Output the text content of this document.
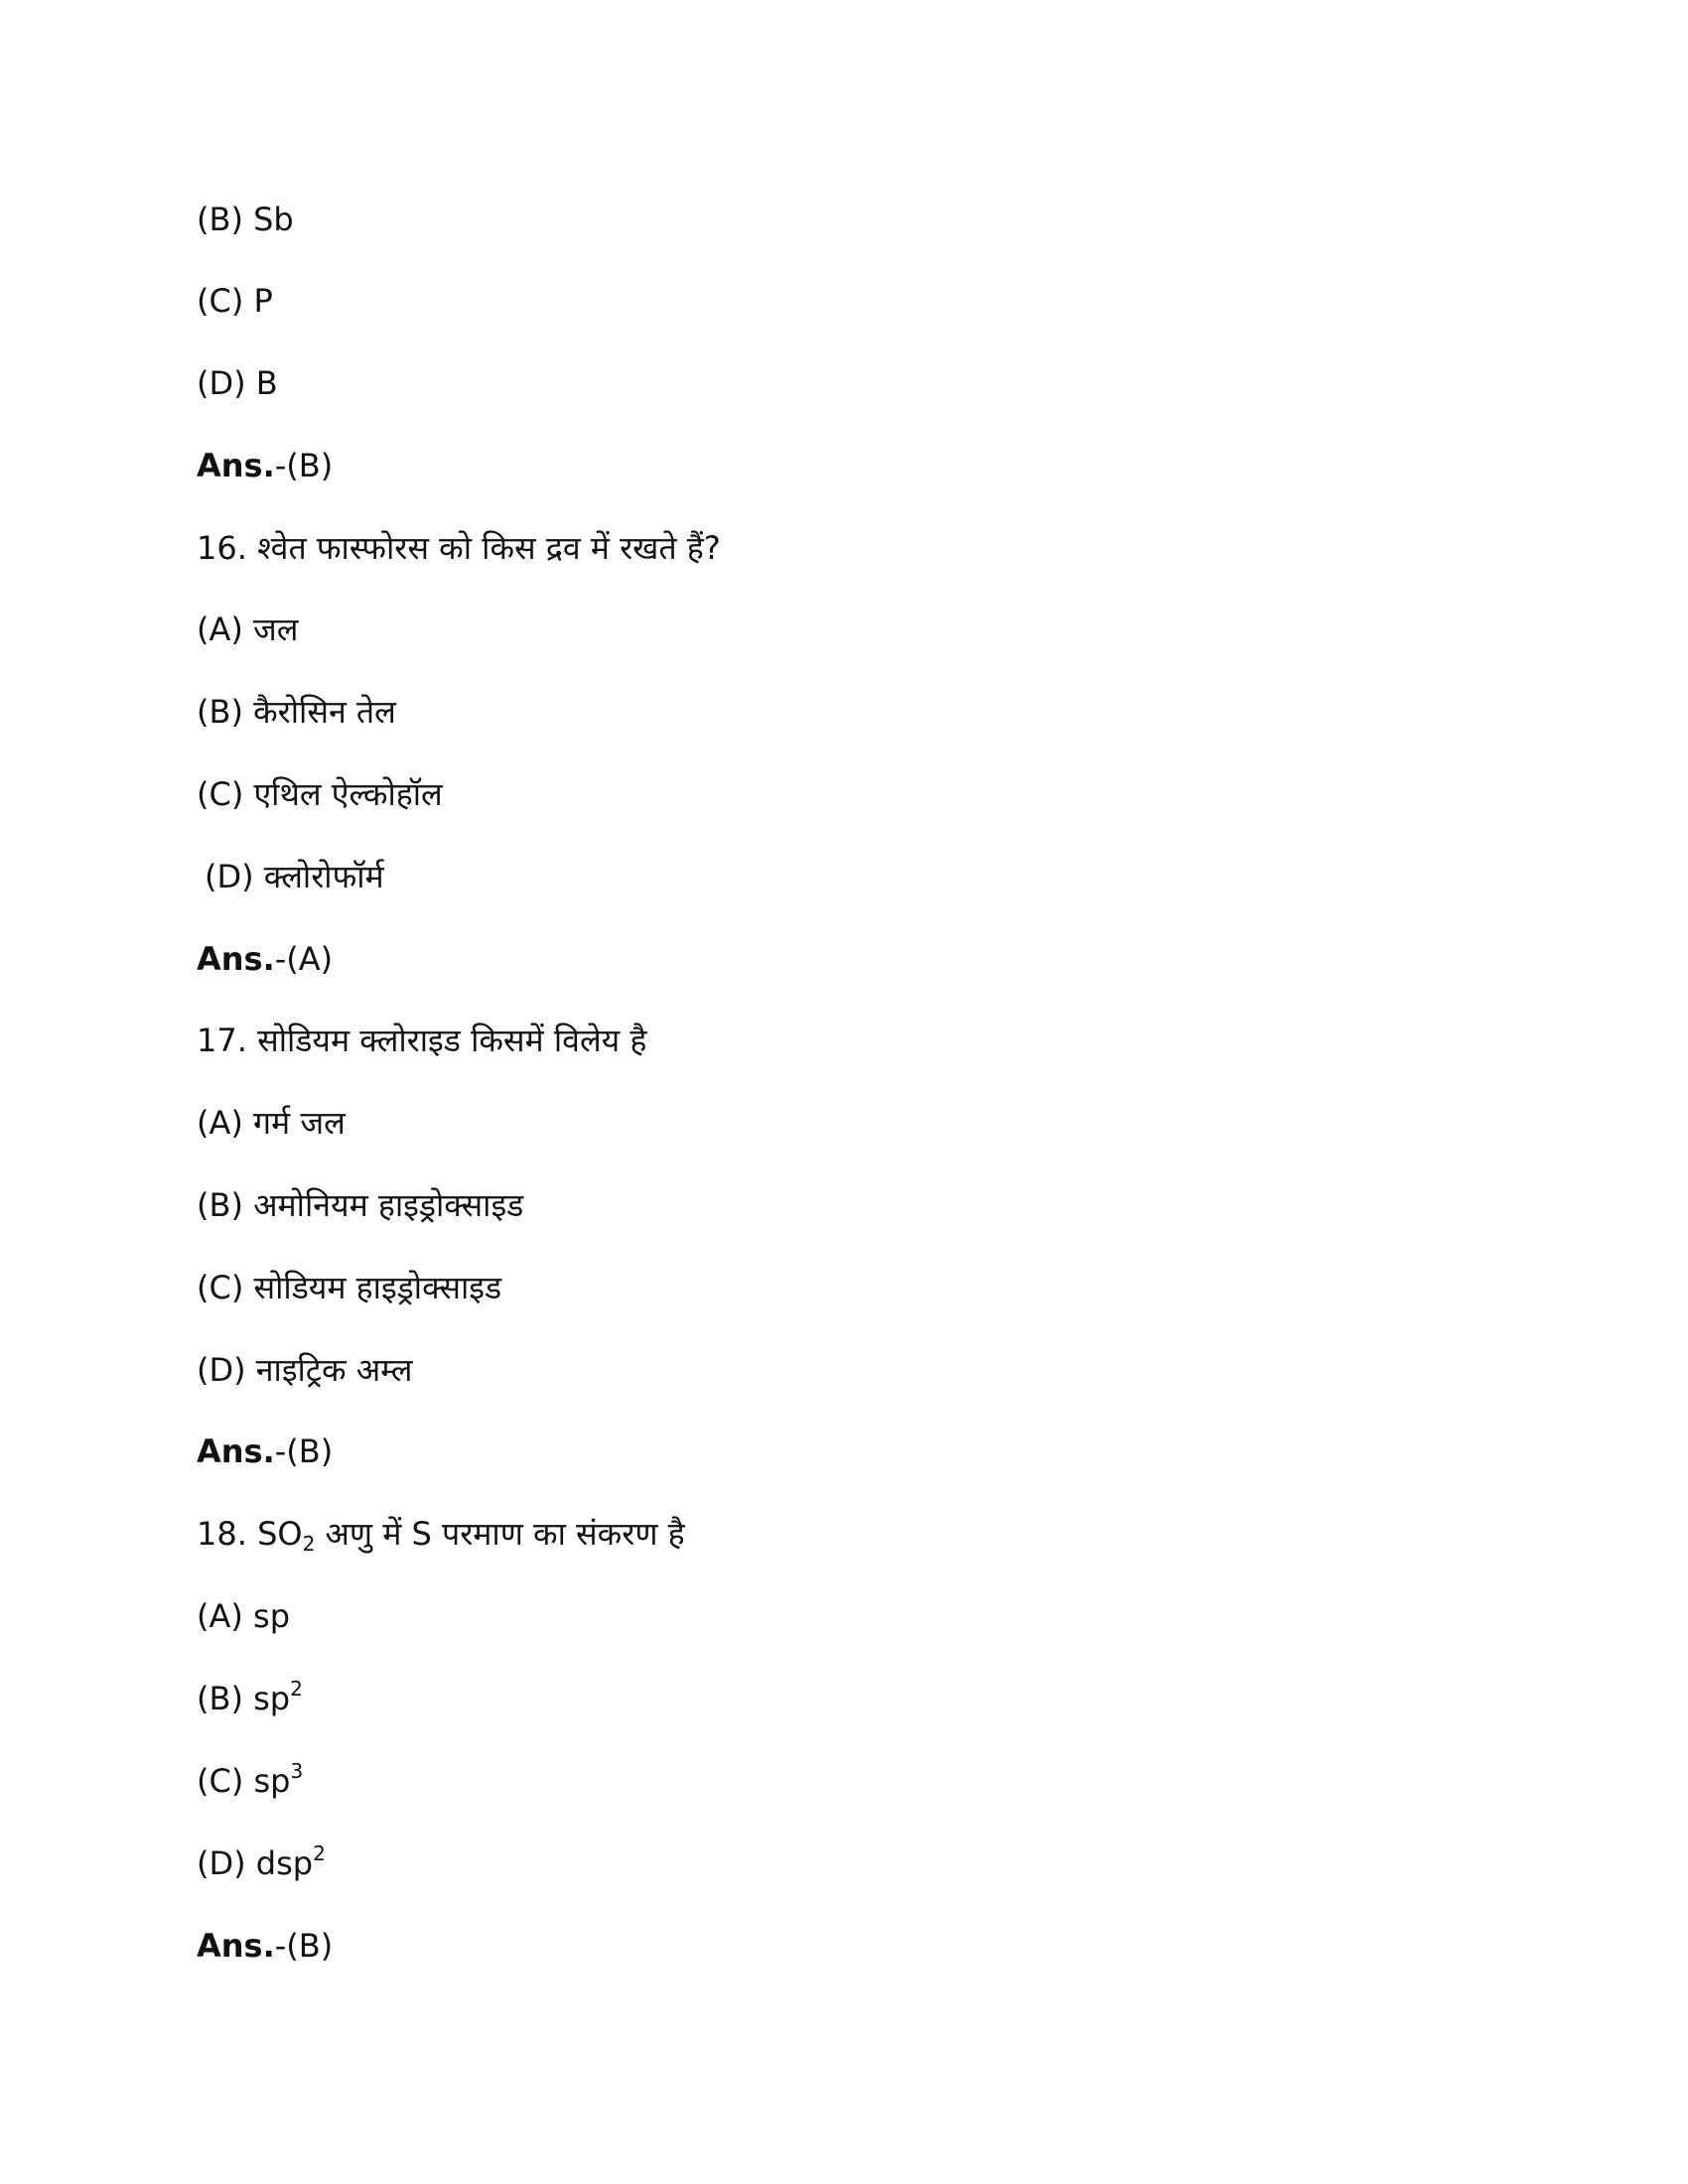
(B) Sb
(C) P
(D) B
Ans.-(B)
16. श्वेत फास्फोरस को किस द्रव में रखते हैं?
(A) जल
(B) कैरोसिन तेल
(C) एथिल ऐल्कोहॉल
(D) क्लोरोफॉर्म
Ans.-(A)
17. सोडियम क्लोराइड किसमें विलेय है
(A) गर्म जल
(B) अमोनियम हाइड्रोक्साइड
(C) सोडियम हाइड्रोक्साइड
(D) नाइट्रिक अम्ल
Ans.-(B)
18. $SO_2$ अणु में S परमाण का संकरण है
(A) sp
(B) $sp^2$
(C) $sp^3$
(D) dsp$^2$
Ans.-(B)
